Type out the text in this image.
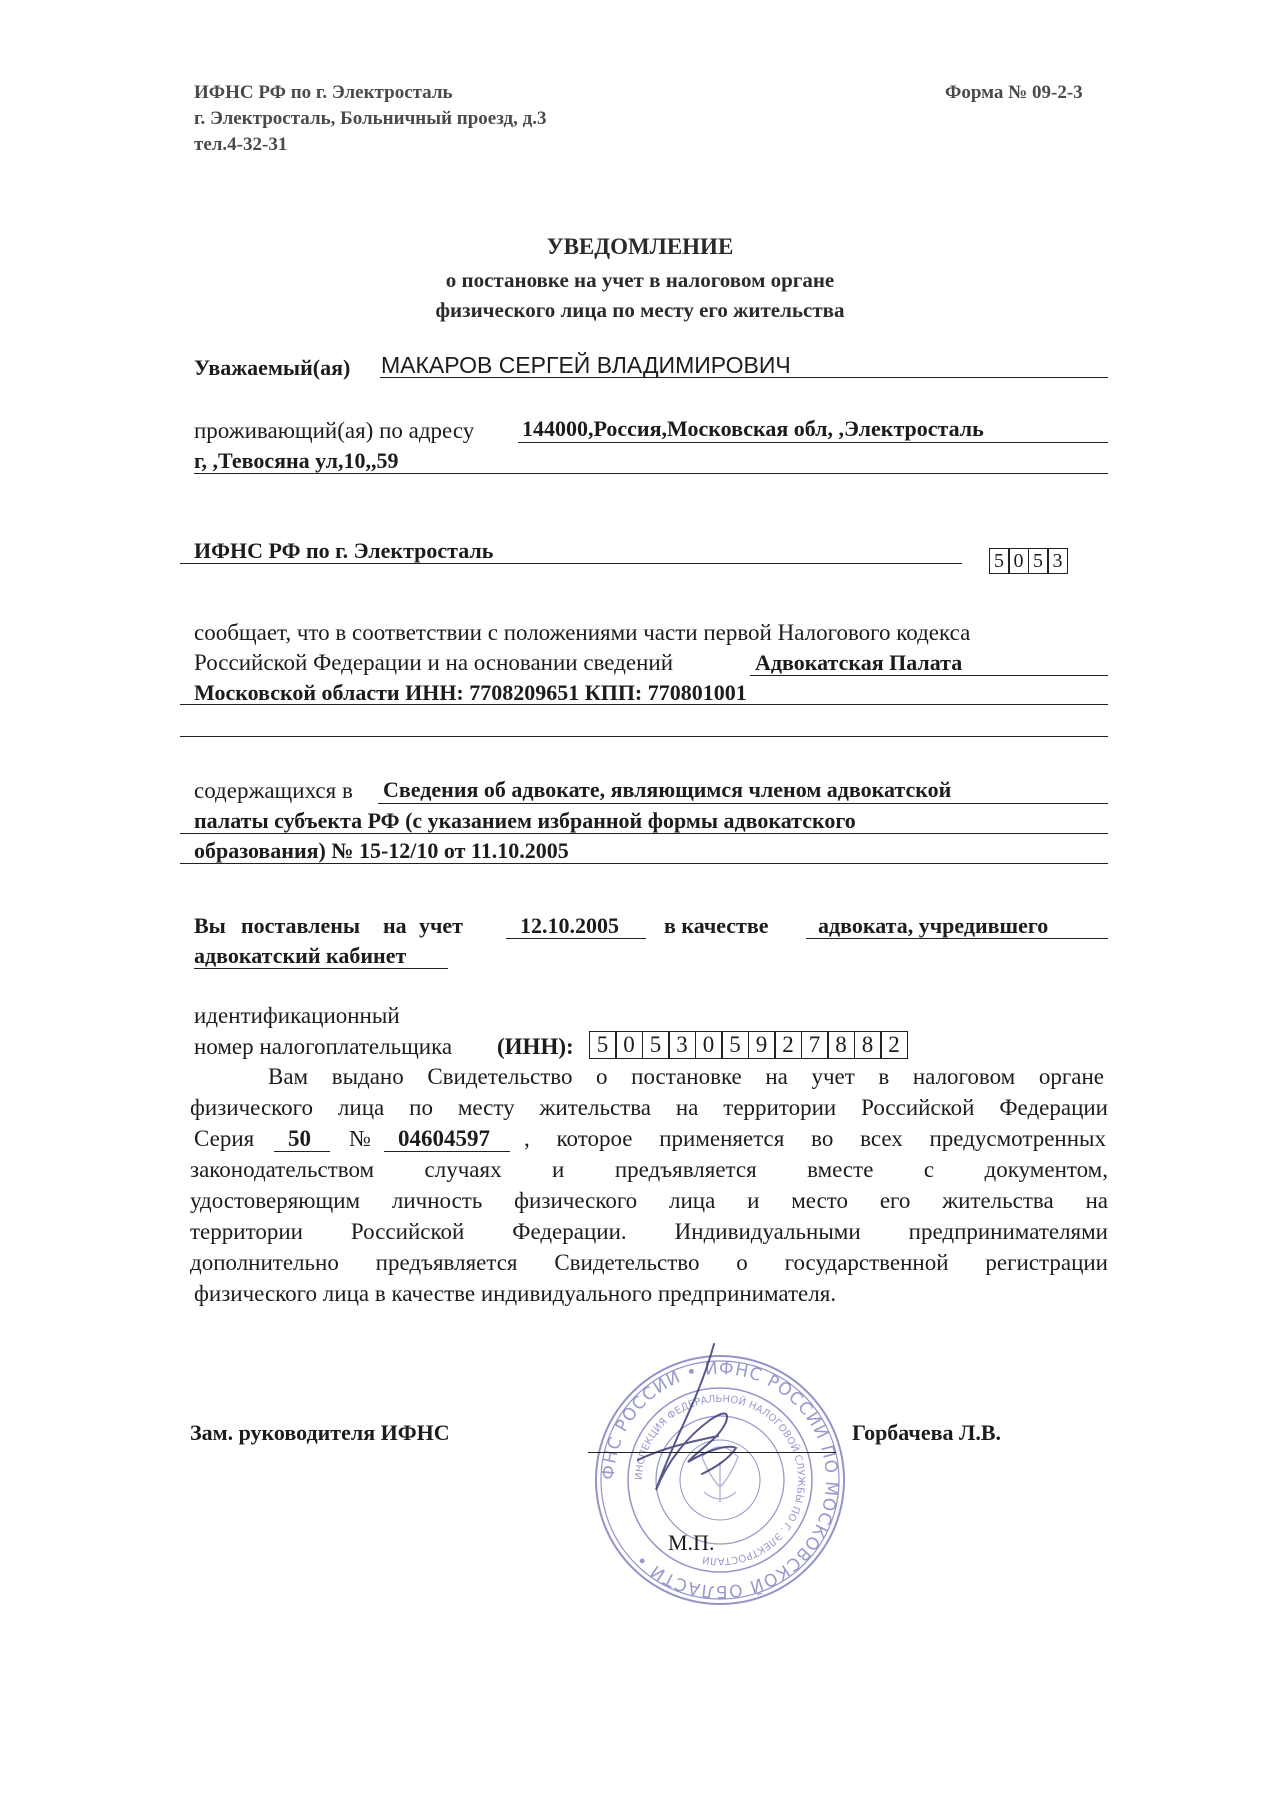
ИФНС РФ по г. Электросталь
г. Электросталь, Больничный проезд, д.3
тел.4-32-31
Форма № 09-2-3
УВЕДОМЛЕНИЕ
о постановке на учет в налоговом органе
физического лица по месту его жительства
Уважаемый(ая) МАКАРОВ СЕРГЕЙ ВЛАДИМИРОВИЧ
проживающий(ая) по адресу 144000,Россия,Московская обл, ,Электросталь
г, ,Тевосяна ул,10,,59
ИФНС РФ по г. Электросталь	5 0 5 3
сообщает, что в соответствии с положениями части первой Налогового кодекса
Российской Федерации и на основании сведений	Адвокатская Палата
Московской области ИНН: 7708209651 КПП: 770801001
содержащихся в Сведения об адвокате, являющимся членом адвокатской
палаты субъекта РФ (с указанием избранной формы адвокатского
образования) № 15-12/10 от 11.10.2005
Вы поставлены на учет	12.10.2005 в качестве адвоката, учредившего
адвокатский кабинет
идентификационный
номер налогоплательщика (ИНН):	5 0 5 3 0 5 9 2 7 8 8 2
Вам выдано Свидетельство о постановке на учет в налоговом органе
физического лица по месту жительства на территории Российской Федерации
Серия 50 № 04604597 , которое применяется во всех предусмотренных
законодательством случаях и предъявляется вместе с документом,
удостоверяющим личность физического лица и место его жительства на
территории Российской Федерации. Индивидуальными предпринимателями
дополнительно предъявляется Свидетельство о государственной регистрации
физического лица в качестве индивидуального предпринимателя.
ФНС РОССИИ • ИФНС РОССИИ ПО МОСКОВСКОЙ ОБЛАСТИ •
ИНСПЕКЦИЯ ФЕДЕРАЛЬНОЙ НАЛОГОВОЙ СЛУЖБЫ ПО Г. ЭЛЕКТРОСТАЛИ
Зам. руководителя ИФНС	Горбачева Л.В.
М.П.
